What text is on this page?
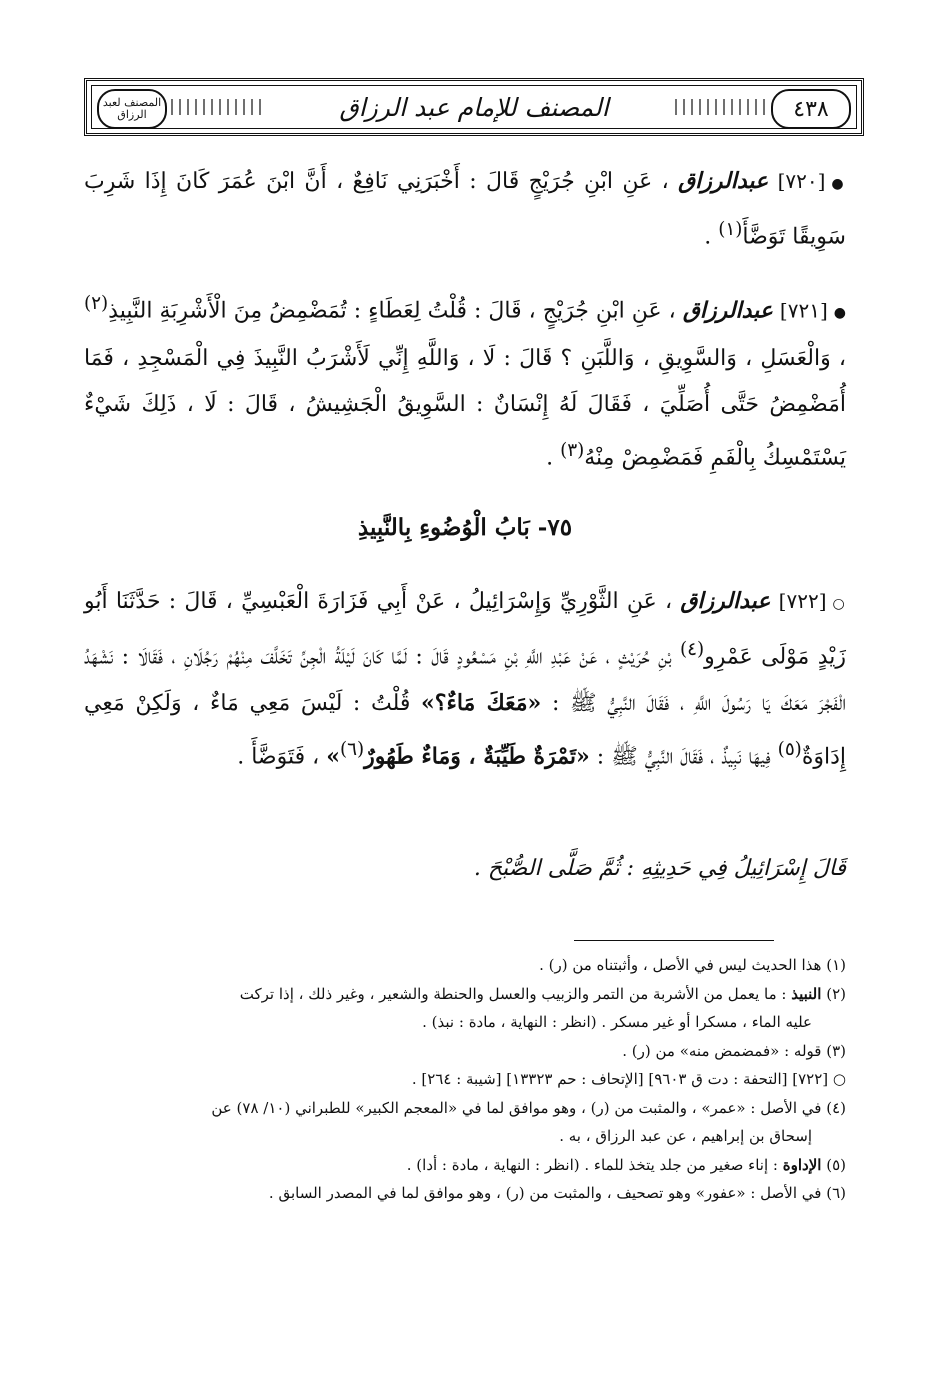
المصنف لعبد الرزاق	المصنف للإمام عبد الرزاق	٤٣٨

●[٧٢٠] عبدالرزاق ، عَنِ ابْنِ جُرَيْجٍ قَالَ : أَخْبَرَنِي نَافِعٌ ، أَنَّ ابْنَ عُمَرَ كَانَ إِذَا شَرِبَ سَوِيقًا تَوَضَّأَ$^{(١)}$ .

●[٧٢١] عبدالرزاق ، عَنِ ابْنِ جُرَيْجٍ ، قَالَ : قُلْتُ لِعَطَاءٍ : تُمَضْمِضُ مِنَ الْأَشْرِبَةِ النَّبِيذِ$^{(٢)}$ ، وَالْعَسَلِ ، وَالسَّوِيقِ ، وَاللَّبَنِ ؟ قَالَ : لَا ، وَاللَّهِ إِنِّي لَأَشْرَبُ النَّبِيذَ فِي الْمَسْجِدِ ، فَمَا أُمَضْمِضُ حَتَّى أُصَلِّيَ ، فَقَالَ لَهُ إِنْسَانٌ : السَّوِيقُ الْجَشِيشُ ، قَالَ : لَا ، ذَلِكَ شَيْءٌ يَسْتَمْسِكُ بِالْفَمِ فَمَضْمِضْ مِنْهُ$^{(٣)}$ .

٧٥- بَابُ الْوُضُوءِ بِالنَّبِيذِ

○[٧٢٢] عبدالرزاق ، عَنِ الثَّوْرِيِّ وَإِسْرَائِيلُ ، عَنْ أَبِي فَزَارَةَ الْعَبْسِيِّ ، قَالَ : حَدَّثَنَا أَبُو زَيْدٍ مَوْلَى عَمْرِو$^{(٤)}$ بْنِ حُرَيْثٍ ، عَنْ عَبْدِ اللَّهِ بْنِ مَسْعُودٍ قَالَ : لَمَّا كَانَ لَيْلَةُ الْجِنِّ تَخَلَّفَ مِنْهُمْ رَجُلَانِ ، فَقَالَا : نَشْهَدُ الْفَجْرَ مَعَكَ يَا رَسُولَ اللَّهِ ، فَقَالَ النَّبِيُّ ﷺ : «مَعَكَ مَاءٌ؟» قُلْتُ : لَيْسَ مَعِي مَاءٌ ، وَلَكِنْ مَعِي إِدَاوَةٌ$^{(٥)}$ فِيهَا نَبِيذٌ ، فَقَالَ النَّبِيُّ ﷺ : «تَمْرَةٌ طَيِّبَةٌ ، وَمَاءٌ طَهُورٌ$^{(٦)}$» ، فَتَوَضَّأَ .

قَالَ إِسْرَائِيلُ فِي حَدِيثِهِ : ثُمَّ صَلَّى الصُّبْحَ .

(١) هذا الحديث ليس في الأصل ، وأثبتناه من (ر) .

(٢) النبيذ : ما يعمل من الأشربة من التمر والزبيب والعسل والحنطة والشعير ، وغير ذلك ، إذا تركت
عليه الماء ، مسكرا أو غير مسكر . (انظر : النهاية ، مادة : نبذ) .

(٣) قوله : «فمضمض منه» من (ر) .

○ [٧٢٢] [التحفة : دت ق ٩٦٠٣] [الإتحاف : حم ١٣٣٢٣] [شيبة : ٢٦٤] .

(٤) في الأصل : «عمر» ، والمثبت من (ر) ، وهو موافق لما في «المعجم الكبير» للطبراني (١٠/ ٧٨) عن
إسحاق بن إبراهيم ، عن عبد الرزاق ، به .

(٥) الإداوة : إناء صغير من جلد يتخذ للماء . (انظر : النهاية ، مادة : أدا) .

(٦) في الأصل : «عفور» وهو تصحيف ، والمثبت من (ر) ، وهو موافق لما في المصدر السابق .
